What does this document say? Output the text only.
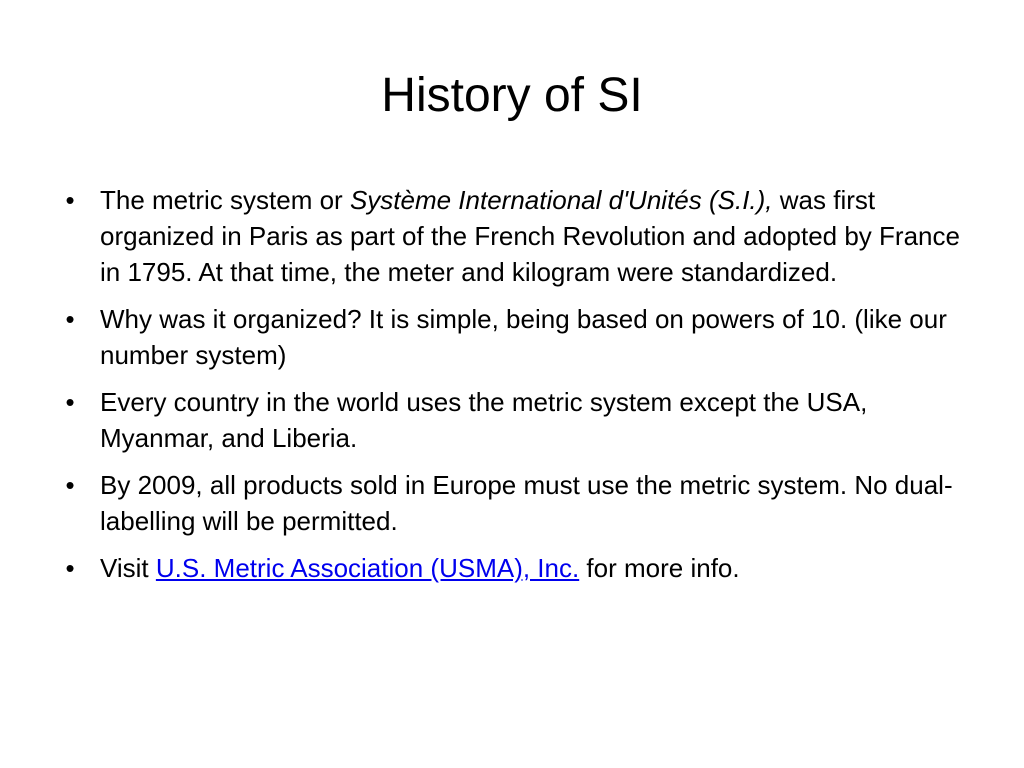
History of SI
• The metric system or Système International d'Unités (S.I.), was first organized in Paris as part of the French Revolution and adopted by France in 1795. At that time, the meter and kilogram were standardized.
• Why was it organized? It is simple, being based on powers of 10. (like our number system)
• Every country in the world uses the metric system except the USA, Myanmar, and Liberia.
• By 2009, all products sold in Europe must use the metric system. No dual-labelling will be permitted.
• Visit U.S. Metric Association (USMA), Inc. for more info.
